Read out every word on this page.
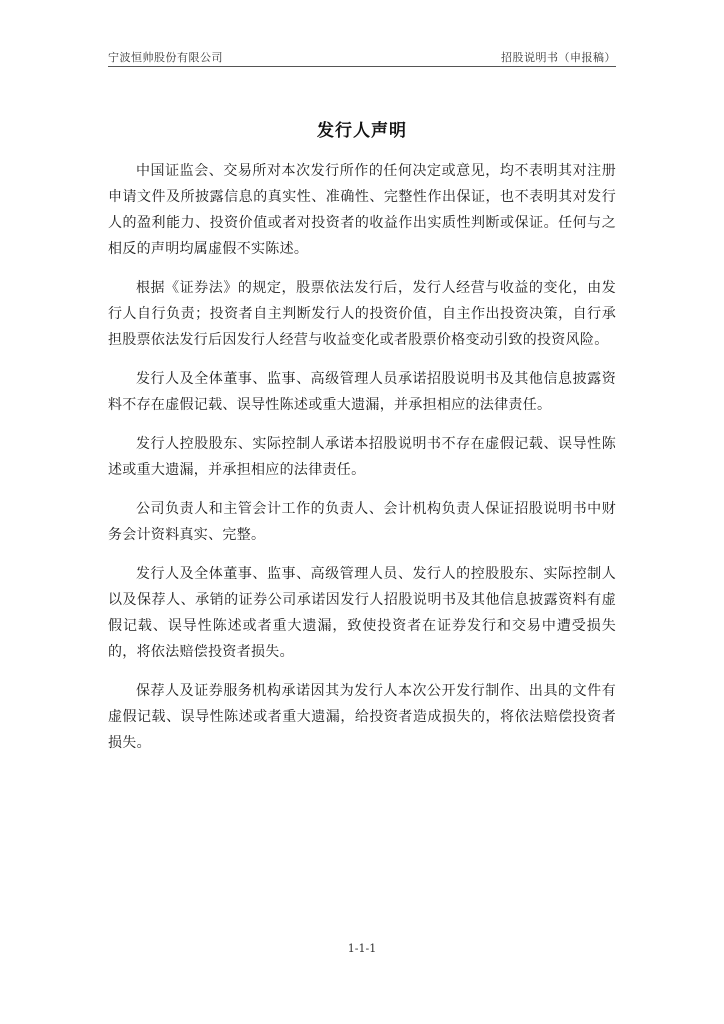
宁波恒帅股份有限公司	招股说明书（申报稿）
发行人声明

中国证监会、交易所对本次发行所作的任何决定或意见，均不表明其对注册申请文件及所披露信息的真实性、准确性、完整性作出保证，也不表明其对发行人的盈利能力、投资价值或者对投资者的收益作出实质性判断或保证。任何与之相反的声明均属虚假不实陈述。

根据《证券法》的规定，股票依法发行后，发行人经营与收益的变化，由发行人自行负责；投资者自主判断发行人的投资价值，自主作出投资决策，自行承担股票依法发行后因发行人经营与收益变化或者股票价格变动引致的投资风险。

发行人及全体董事、监事、高级管理人员承诺招股说明书及其他信息披露资料不存在虚假记载、误导性陈述或重大遗漏，并承担相应的法律责任。

发行人控股股东、实际控制人承诺本招股说明书不存在虚假记载、误导性陈述或重大遗漏，并承担相应的法律责任。

公司负责人和主管会计工作的负责人、会计机构负责人保证招股说明书中财务会计资料真实、完整。

发行人及全体董事、监事、高级管理人员、发行人的控股股东、实际控制人以及保荐人、承销的证券公司承诺因发行人招股说明书及其他信息披露资料有虚假记载、误导性陈述或者重大遗漏，致使投资者在证券发行和交易中遭受损失的，将依法赔偿投资者损失。

保荐人及证券服务机构承诺因其为发行人本次公开发行制作、出具的文件有虚假记载、误导性陈述或者重大遗漏，给投资者造成损失的，将依法赔偿投资者损失。

1-1-1
